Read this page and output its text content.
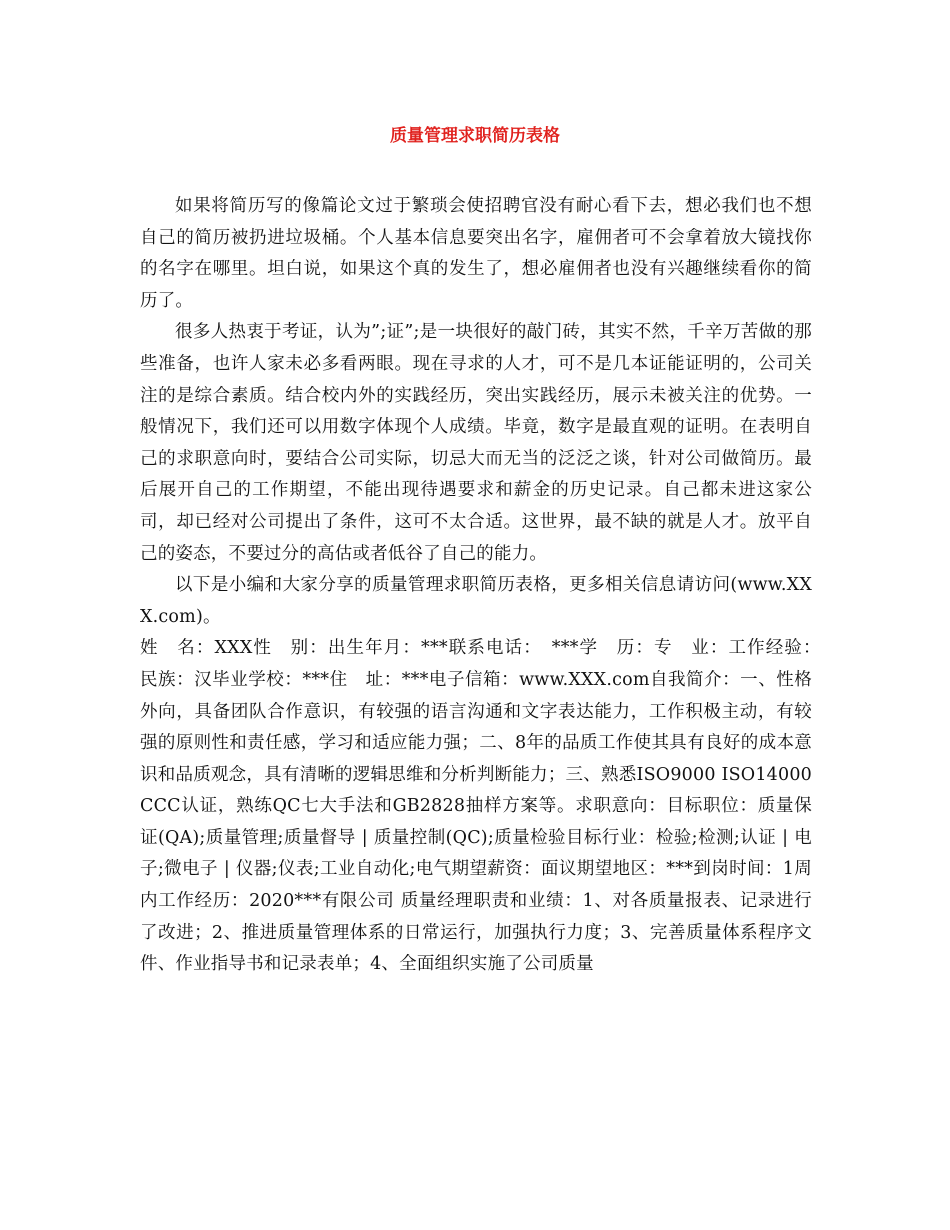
质量管理求职简历表格

如果将简历写的像篇论文过于繁琐会使招聘官没有耐心看下去，想必我们也不想自己的简历被扔进垃圾桶。个人基本信息要突出名字，雇佣者可不会拿着放大镜找你的名字在哪里。坦白说，如果这个真的发生了，想必雇佣者也没有兴趣继续看你的简历了。

很多人热衷于考证，认为”;证”;是一块很好的敲门砖，其实不然，千辛万苦做的那些准备，也许人家未必多看两眼。现在寻求的人才，可不是几本证能证明的，公司关注的是综合素质。结合校内外的实践经历，突出实践经历，展示未被关注的优势。一般情况下，我们还可以用数字体现个人成绩。毕竟，数字是最直观的证明。在表明自己的求职意向时，要结合公司实际，切忌大而无当的泛泛之谈，针对公司做简历。最后展开自己的工作期望，不能出现待遇要求和薪金的历史记录。自己都未进这家公司，却已经对公司提出了条件，这可不太合适。这世界，最不缺的就是人才。放平自己的姿态，不要过分的高估或者低谷了自己的能力。

以下是小编和大家分享的质量管理求职简历表格，更多相关信息请访问(www.XXX.com)。

姓　名：XXX性　别：出生年月：***联系电话：　***学　历：专　业：工作经验：　民族：汉毕业学校：***住　址：***电子信箱：www.XXX.com自我简介：一、性格外向，具备团队合作意识，有较强的语言沟通和文字表达能力，工作积极主动，有较强的原则性和责任感，学习和适应能力强；二、8年的品质工作使其具有良好的成本意识和品质观念，具有清晰的逻辑思维和分析判断能力；三、熟悉ISO9000 ISO14000 CCC认证，熟练QC七大手法和GB2828抽样方案等。求职意向：目标职位：质量保证(QA);质量管理;质量督导 | 质量控制(QC);质量检验目标行业：检验;检测;认证 | 电子;微电子 | 仪器;仪表;工业自动化;电气期望薪资：面议期望地区：***到岗时间：1周内工作经历：2020***有限公司 质量经理职责和业绩：1、对各质量报表、记录进行了改进；2、推进质量管理体系的日常运行，加强执行力度；3、完善质量体系程序文件、作业指导书和记录表单；4、全面组织实施了公司质量
